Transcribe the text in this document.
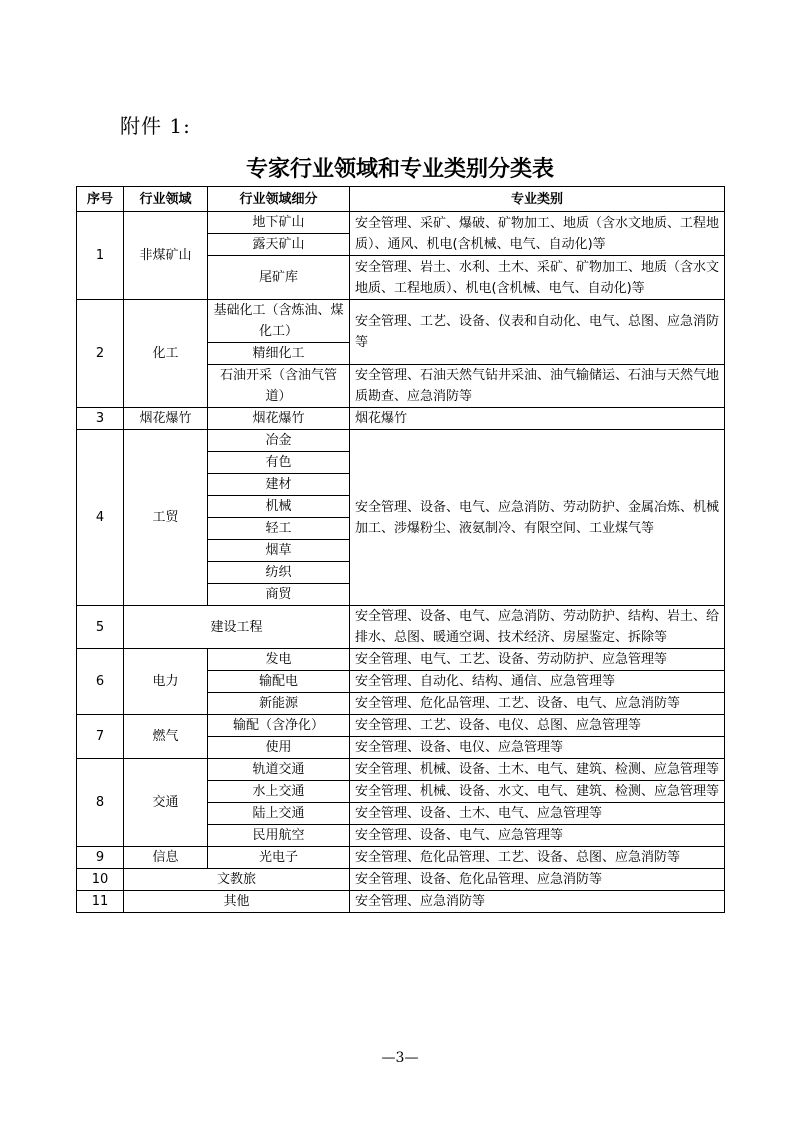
附件 1:
专家行业领域和专业类别分类表
序号	行业领域	行业领域细分	专业类别
1	非煤矿山	地下矿山	安全管理、采矿、爆破、矿物加工、地质（含水文地质、工程地质）、通风、机电(含机械、电气、自动化)等
		露天矿山	
		尾矿库	安全管理、岩土、水利、土木、采矿、矿物加工、地质（含水文地质、工程地质）、机电(含机械、电气、自动化)等
2	化工	基础化工（含炼油、煤化工）	安全管理、工艺、设备、仪表和自动化、电气、总图、应急消防等
		精细化工	
		石油开采（含油气管道）	安全管理、石油天然气钻井采油、油气输储运、石油与天然气地质勘查、应急消防等
3	烟花爆竹	烟花爆竹	烟花爆竹
4	工贸	冶金	安全管理、设备、电气、应急消防、劳动防护、金属冶炼、机械加工、涉爆粉尘、液氨制冷、有限空间、工业煤气等
		有色	
		建材	
		机械	
		轻工	
		烟草	
		纺织	
		商贸	
5	建设工程		安全管理、设备、电气、应急消防、劳动防护、结构、岩土、给排水、总图、暖通空调、技术经济、房屋鉴定、拆除等
6	电力	发电	安全管理、电气、工艺、设备、劳动防护、应急管理等
		输配电	安全管理、自动化、结构、通信、应急管理等
		新能源	安全管理、危化品管理、工艺、设备、电气、应急消防等
7	燃气	输配（含净化）	安全管理、工艺、设备、电仪、总图、应急管理等
		使用	安全管理、设备、电仪、应急管理等
8	交通	轨道交通	安全管理、机械、设备、土木、电气、建筑、检测、应急管理等
		水上交通	安全管理、机械、设备、水文、电气、建筑、检测、应急管理等
		陆上交通	安全管理、设备、土木、电气、应急管理等
		民用航空	安全管理、设备、电气、应急管理等
9	信息	光电子	安全管理、危化品管理、工艺、设备、总图、应急消防等
10	文教旅		安全管理、设备、危化品管理、应急消防等
11	其他		安全管理、应急消防等
—3—
